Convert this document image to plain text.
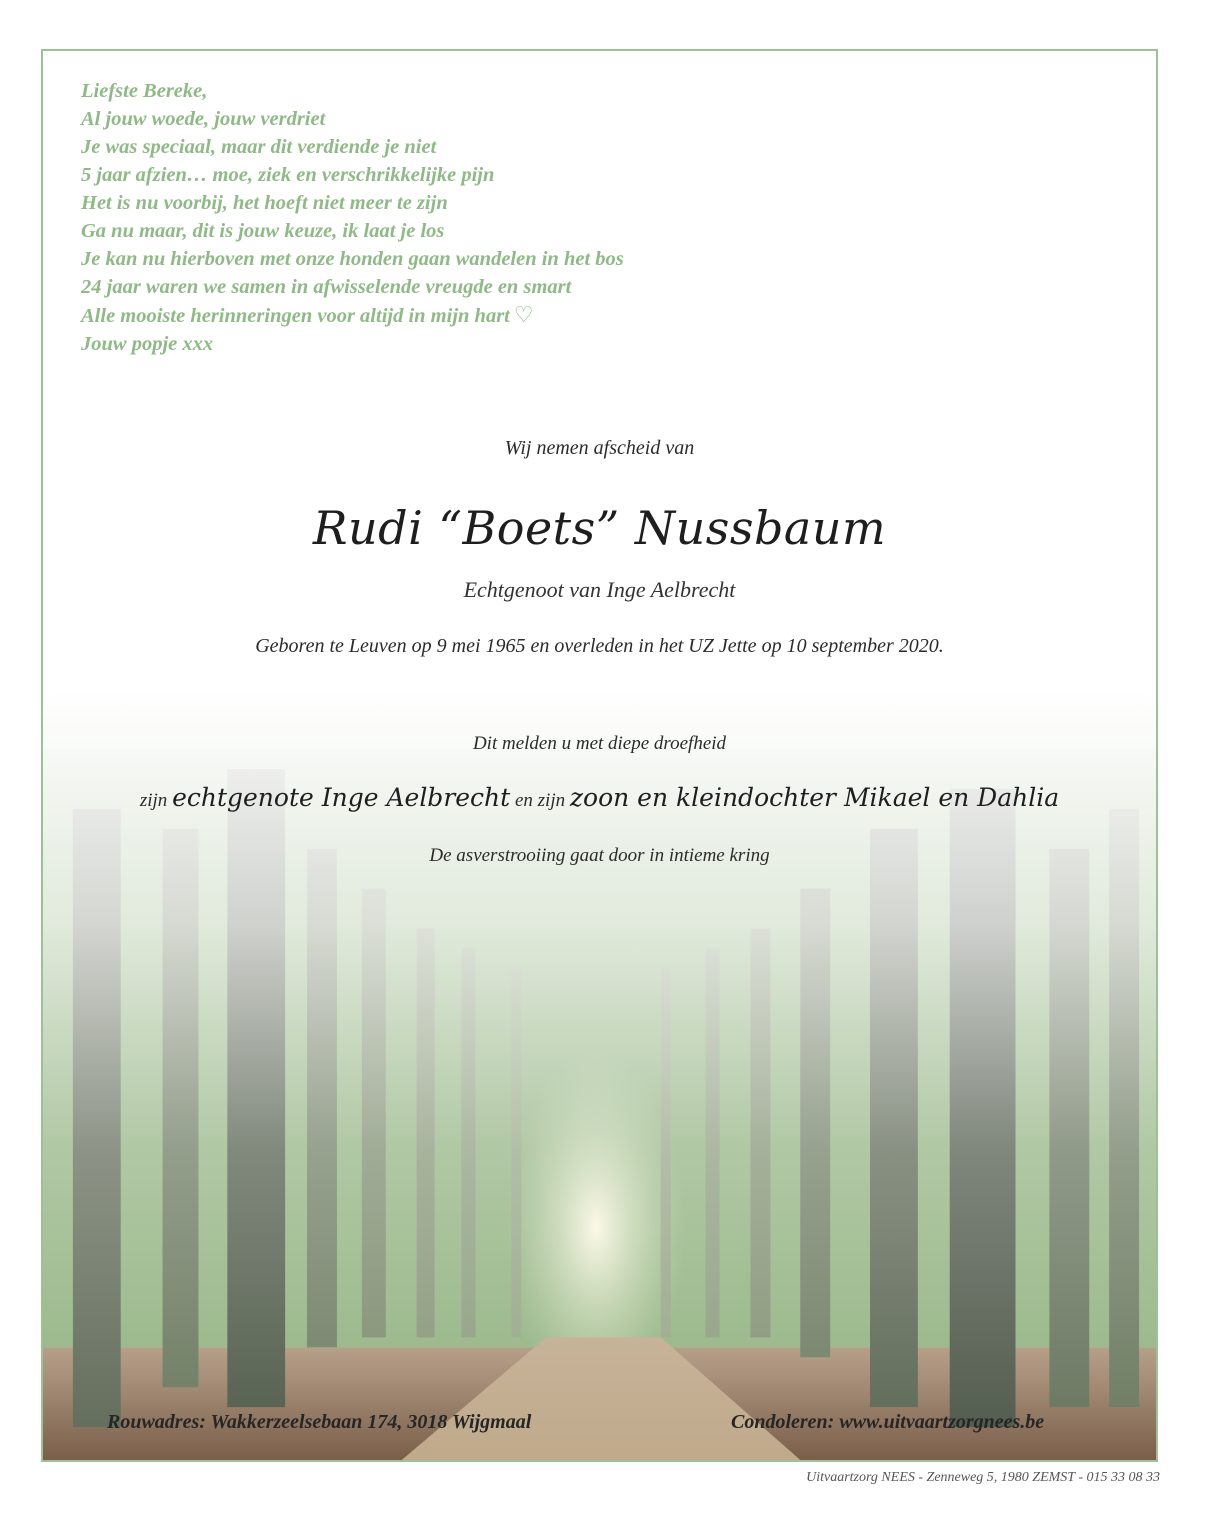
Liefste Bereke,
Al jouw woede, jouw verdriet
Je was speciaal, maar dit verdiende je niet
5 jaar afzien… moe, ziek en verschrikkelijke pijn
Het is nu voorbij, het hoeft niet meer te zijn
Ga nu maar, dit is jouw keuze, ik laat je los
Je kan nu hierboven met onze honden gaan wandelen in het bos
24 jaar waren we samen in afwisselende vreugde en smart
Alle mooiste herinneringen voor altijd in mijn hart ♡
Jouw popje xxx
Wij nemen afscheid van
Rudi “Boets” Nussbaum
Echtgenoot van Inge Aelbrecht
Geboren te Leuven op 9 mei 1965 en overleden in het UZ Jette op 10 september 2020.
Dit melden u met diepe droefheid
zijn echtgenote Inge Aelbrecht en zijn zoon en kleindochter Mikael en Dahlia
De asverstrooiing gaat door in intieme kring
Rouwadres: Wakkerzeelsebaan 174, 3018 Wijgmaal	Condoleren: www.uitvaartzorgnees.be
Uitvaartzorg NEES - Zenneweg 5, 1980 ZEMST - 015 33 08 33
